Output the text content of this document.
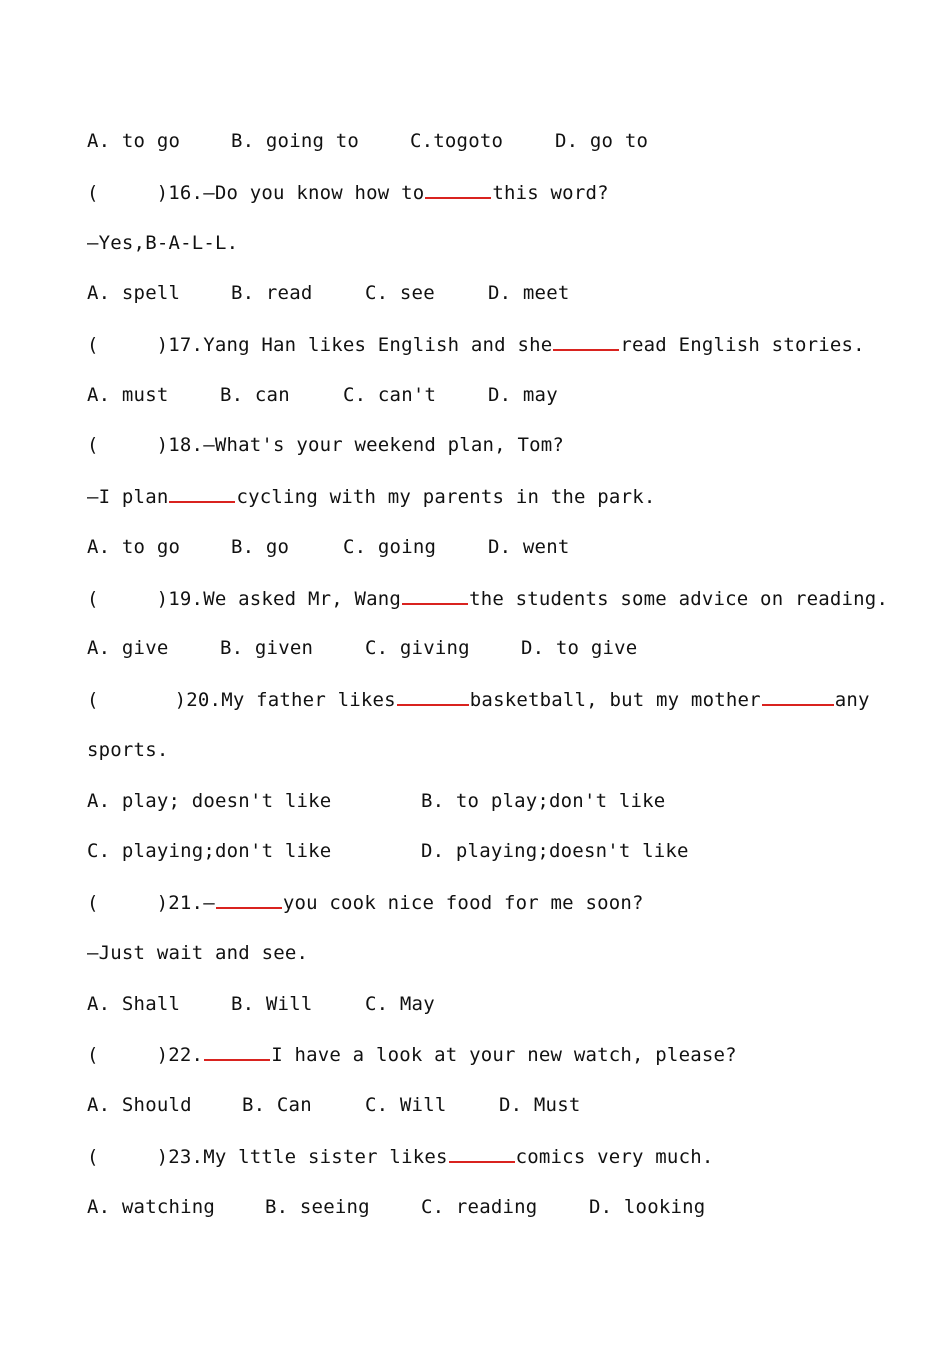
A. to go

	B. going to

	C.togoto

	D. go to

(	)16.—Do you know how to	this word?
—Yes,B-A-L-L.

A. spell

	B. read

	C. see

	D. meet

(	)17.Yang Han likes English and she	read English stories.

A. must

	B. can

	C. can't

	D. may

(	)18.—What's your weekend plan, Tom?
—I plan	cycling with my parents in the park.

A. to go

	B. go

	C. going

	D. went

(	)19.We asked Mr, Wang	the students some advice on reading.

A. give

	B. given

	C. giving

	D. to give

(	)20.My father likes	basketball, but my mother	any
sports.

A. play; doesn't like

	B. to play;don't like

C. playing;don't like

	D. playing;doesn't like

(	)21.—	you cook nice food for me soon?
—Just wait and see.

A. Shall

	B. Will

	C. May

(	)22.	I have a look at your new watch, please?

A. Should

	B. Can

	C. Will

	D. Must

(	)23.My lttle sister likes	comics very much.

A. watching

	B. seeing

	C. reading

	D. looking
